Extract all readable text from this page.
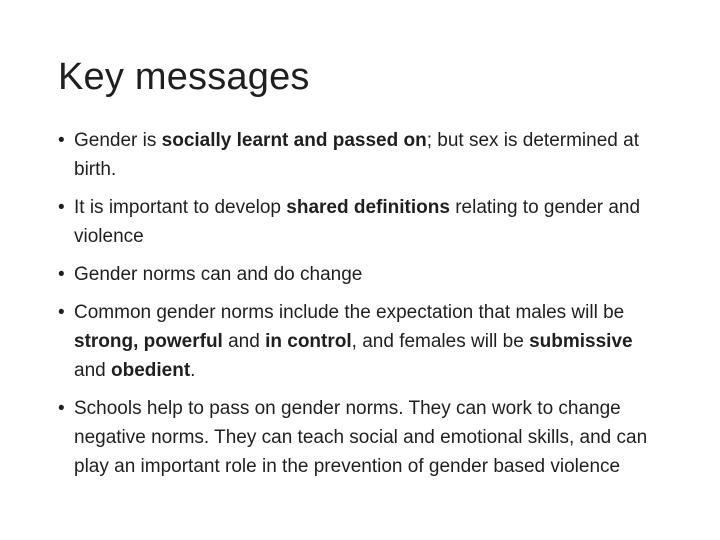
Key messages
• Gender is socially learnt and passed on; but sex is determined at birth.
• It is important to develop shared definitions relating to gender and violence
• Gender norms can and do change
• Common gender norms include the expectation that males will be strong, powerful and in control, and females will be submissive and obedient.
• Schools help to pass on gender norms. They can work to change negative norms. They can teach social and emotional skills, and can play an important role in the prevention of gender based violence
